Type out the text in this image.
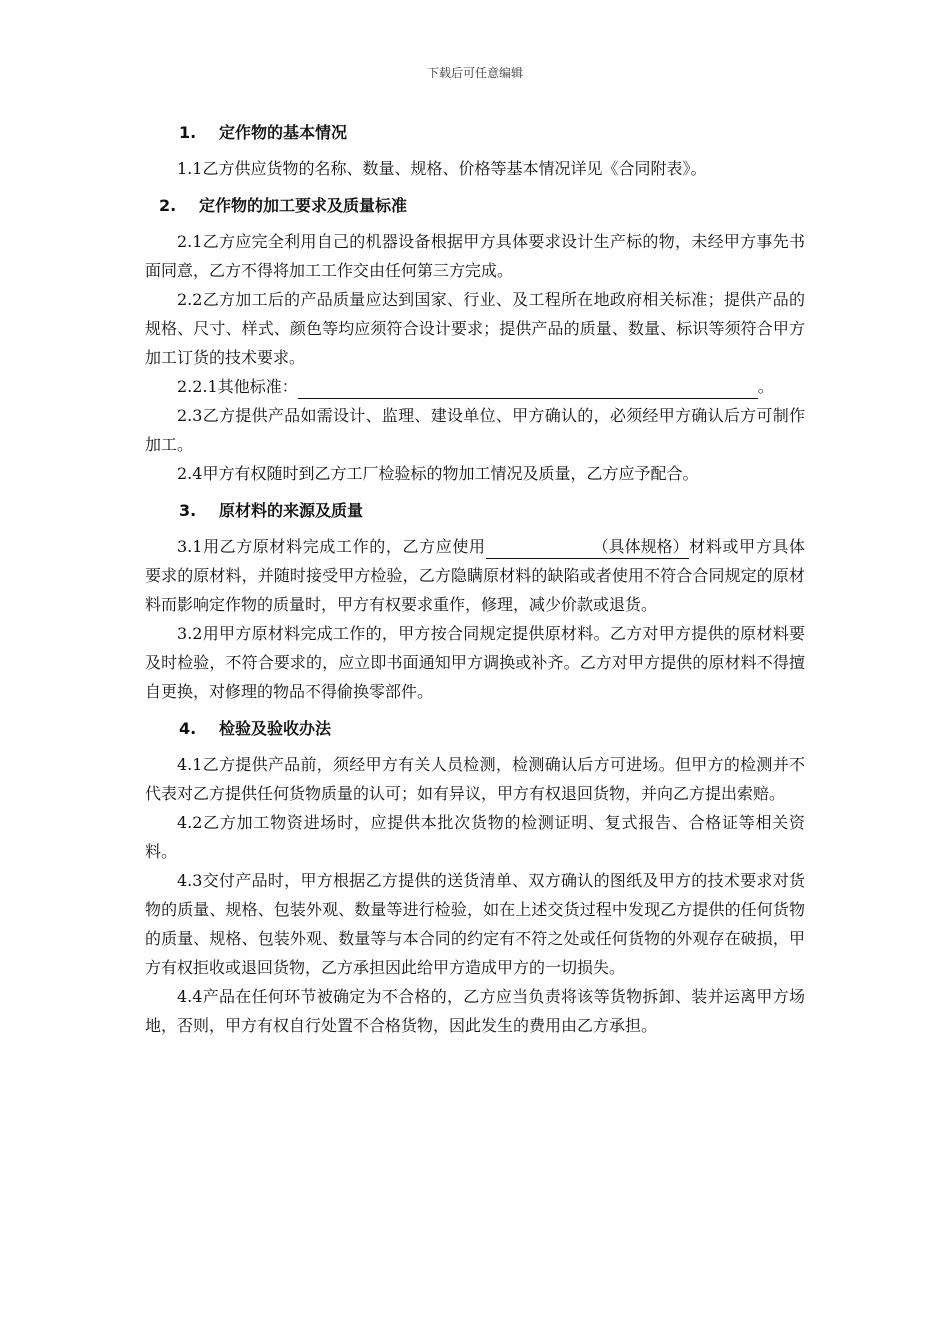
下载后可任意编辑
1. 定作物的基本情况

1.1乙方供应货物的名称、数量、规格、价格等基本情况详见《合同附表》。

2. 定作物的加工要求及质量标准

2.1乙方应完全利用自己的机器设备根据甲方具体要求设计生产标的物，未经甲方事先书面同意，乙方不得将加工工作交由任何第三方完成。

2.2乙方加工后的产品质量应达到国家、行业、及工程所在地政府相关标准；提供产品的规格、尺寸、样式、颜色等均应须符合设计要求；提供产品的质量、数量、标识等须符合甲方加工订货的技术要求。

2.2.1其他标准：	。

2.3乙方提供产品如需设计、监理、建设单位、甲方确认的，必须经甲方确认后方可制作加工。

2.4甲方有权随时到乙方工厂检验标的物加工情况及质量，乙方应予配合。

3. 原材料的来源及质量

3.1用乙方原材料完成工作的，乙方应使用	（具体规格）材料或甲方具体要求的原材料，并随时接受甲方检验，乙方隐瞒原材料的缺陷或者使用不符合合同规定的原材料而影响定作物的质量时，甲方有权要求重作，修理，减少价款或退货。

3.2用甲方原材料完成工作的，甲方按合同规定提供原材料。乙方对甲方提供的原材料要及时检验，不符合要求的，应立即书面通知甲方调换或补齐。乙方对甲方提供的原材料不得擅自更换，对修理的物品不得偷换零部件。

4. 检验及验收办法

4.1乙方提供产品前，须经甲方有关人员检测，检测确认后方可进场。但甲方的检测并不代表对乙方提供任何货物质量的认可；如有异议，甲方有权退回货物，并向乙方提出索赔。

4.2乙方加工物资进场时，应提供本批次货物的检测证明、复式报告、合格证等相关资料。

4.3交付产品时，甲方根据乙方提供的送货清单、双方确认的图纸及甲方的技术要求对货物的质量、规格、包装外观、数量等进行检验，如在上述交货过程中发现乙方提供的任何货物的质量、规格、包装外观、数量等与本合同的约定有不符之处或任何货物的外观存在破损，甲方有权拒收或退回货物，乙方承担因此给甲方造成甲方的一切损失。

4.4产品在任何环节被确定为不合格的，乙方应当负责将该等货物拆卸、装并运离甲方场地，否则，甲方有权自行处置不合格货物，因此发生的费用由乙方承担。
